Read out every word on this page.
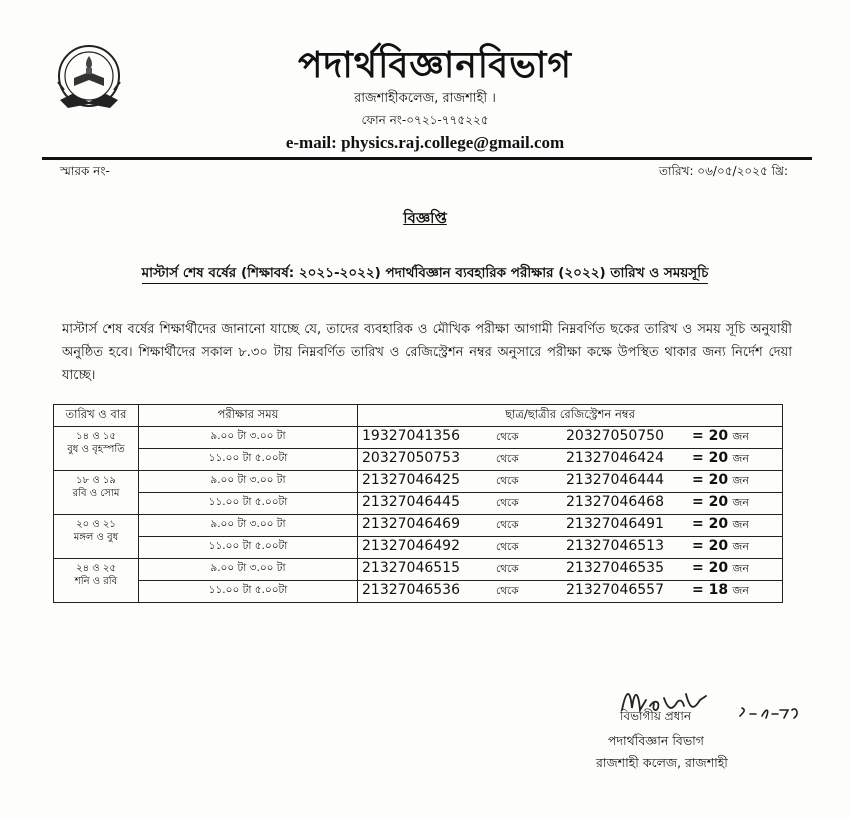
পদার্থবিজ্ঞানবিভাগ
রাজশাহীকলেজ, রাজশাহী ।
ফোন নং-০৭২১-৭৭৫২২৫
e-mail: physics.raj.college@gmail.com
স্মারক নং-	তারিখ: ০৬/০৫/২০২৫ খ্রি:
বিজ্ঞপ্তি
মাস্টার্স শেষ বর্ষের (শিক্ষাবর্ষ: ২০২১-২০২২) পদার্থবিজ্ঞান ব্যবহারিক পরীক্ষার (২০২২) তারিখ ও সময়সূচি
মাস্টার্স শেষ বর্ষের শিক্ষার্থীদের জানানো যাচ্ছে যে, তাদের ব্যবহারিক ও মৌখিক পরীক্ষা আগামী নিম্নবর্ণিত ছকের তারিখ ও সময় সূচি অনুযায়ী অনুষ্ঠিত হবে। শিক্ষার্থীদের সকাল ৮.৩০ টায় নিম্নবর্ণিত তারিখ ও রেজিস্ট্রেশন নম্বর অনুসারে পরীক্ষা কক্ষে উপস্থিত থাকার জন্য নির্দেশ দেয়া যাচ্ছে।
তারিখ ও বার	পরীক্ষার সময়	ছাত্র/ছাত্রীর রেজিস্ট্রেশন নম্বর

১৪ ও ১৫
বুধ ও বৃহস্পতি	৯.০০ টা ৩.০০ টা	19327041356 থেকে 20327050750 = 20 জন
	১১.০০ টা ৫.০০টা	20327050753 থেকে 21327046424 = 20 জন

১৮ ও ১৯
রবি ও সোম	৯.০০ টা ৩.০০ টা	21327046425 থেকে 21327046444 = 20 জন
	১১.০০ টা ৫.০০টা	21327046445 থেকে 21327046468 = 20 জন

২০ ও ২১
মঙ্গল ও বুধ	৯.০০ টা ৩.০০ টা	21327046469 থেকে 21327046491 = 20 জন
	১১.০০ টা ৫.০০টা	21327046492 থেকে 21327046513 = 20 জন

২৪ ও ২৫
শনি ও রবি	৯.০০ টা ৩.০০ টা	21327046515 থেকে 21327046535 = 20 জন
	১১.০০ টা ৫.০০টা	21327046536 থেকে 21327046557 = 18 জন
বিভাগীয় প্রধান
পদার্থবিজ্ঞান বিভাগ
রাজশাহী কলেজ, রাজশাহী
